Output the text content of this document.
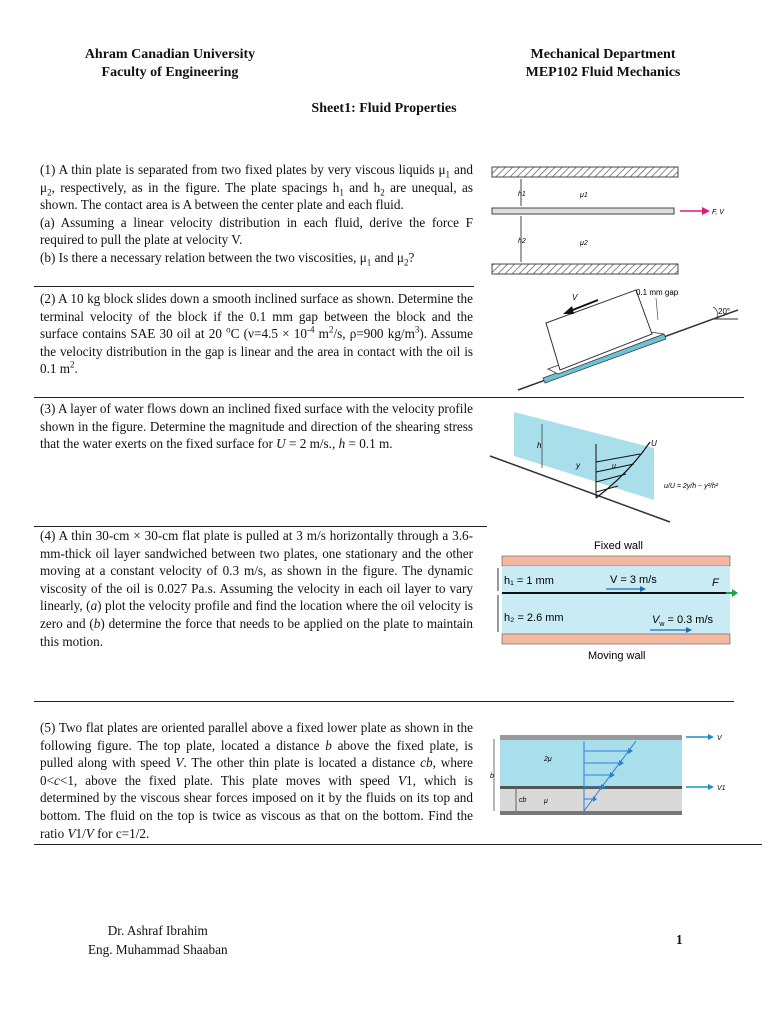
Ahram Canadian University
Faculty of Engineering
Mechanical Department
MEP102 Fluid Mechanics
Sheet1: Fluid Properties
(1) A thin plate is separated from two fixed plates by very viscous liquids $\mu_1$ and $\mu_2$, respectively, as in the figure. The plate spacings $h_1$ and $h_2$ are unequal, as shown. The contact area is A between the center plate and each fluid.
(a) Assuming a linear velocity distribution in each fluid, derive the force F required to pull the plate at velocity V.
(b) Is there a necessary relation between the two viscosities, $\mu_1$ and $\mu_2$?
h1
h2
μ1
μ2
F, V
(2) A 10 kg block slides down a smooth inclined surface as shown. Determine the terminal velocity of the block if the 0.1 mm gap between the block and the surface contains SAE 30 oil at 20 $^o$C ($\nu=4.5 \times 10^{-4}$ $m^2/s$, ρ=900 $kg/m^3$). Assume the velocity distribution in the gap is linear and the area in contact with the oil is 0.1 $m^2$.
V
0.1 mm gap
20°
(3) A layer of water flows down an inclined fixed surface with the velocity profile shown in the figure. Determine the magnitude and direction of the shearing stress that the water exerts on the fixed surface for U = 2 m/s., h = 0.1 m.	h
y	u
U
u/U = 2y/h − y²/h²
(4) A thin 30-cm × 30-cm flat plate is pulled at 3 m/s horizontally through a 3.6-mm-thick oil layer sandwiched between two plates, one stationary and the other moving at a constant velocity of 0.3 m/s, as shown in the figure. The dynamic viscosity of the oil is 0.027 Pa.s. Assuming the velocity in each oil layer to vary linearly, (a) plot the velocity profile and find the location where the oil velocity is zero and (b) determine the force that needs to be applied on the plate to maintain this motion.
Fixed wall
h₁ = 1 mm
h₂ = 2.6 mm
V = 3 m/s	F
$V_w = 0.3$ m/s
Moving wall
(5) Two flat plates are oriented parallel above a fixed lower plate as shown in the following figure. The top plate, located a distance b above the fixed plate, is pulled along with speed V. The other thin plate is located a distance cb, where 0<c<1, above the fixed plate. This plate moves with speed V1, which is determined by the viscous shear forces imposed on it by the fluids on its top and bottom. The fluid on the top is twice as viscous as that on the bottom. Find the ratio V1/V for c=1/2.
b
cb
2μ
μ
V
V1
Dr. Ashraf Ibrahim
Eng. Muhammad Shaaban
1
